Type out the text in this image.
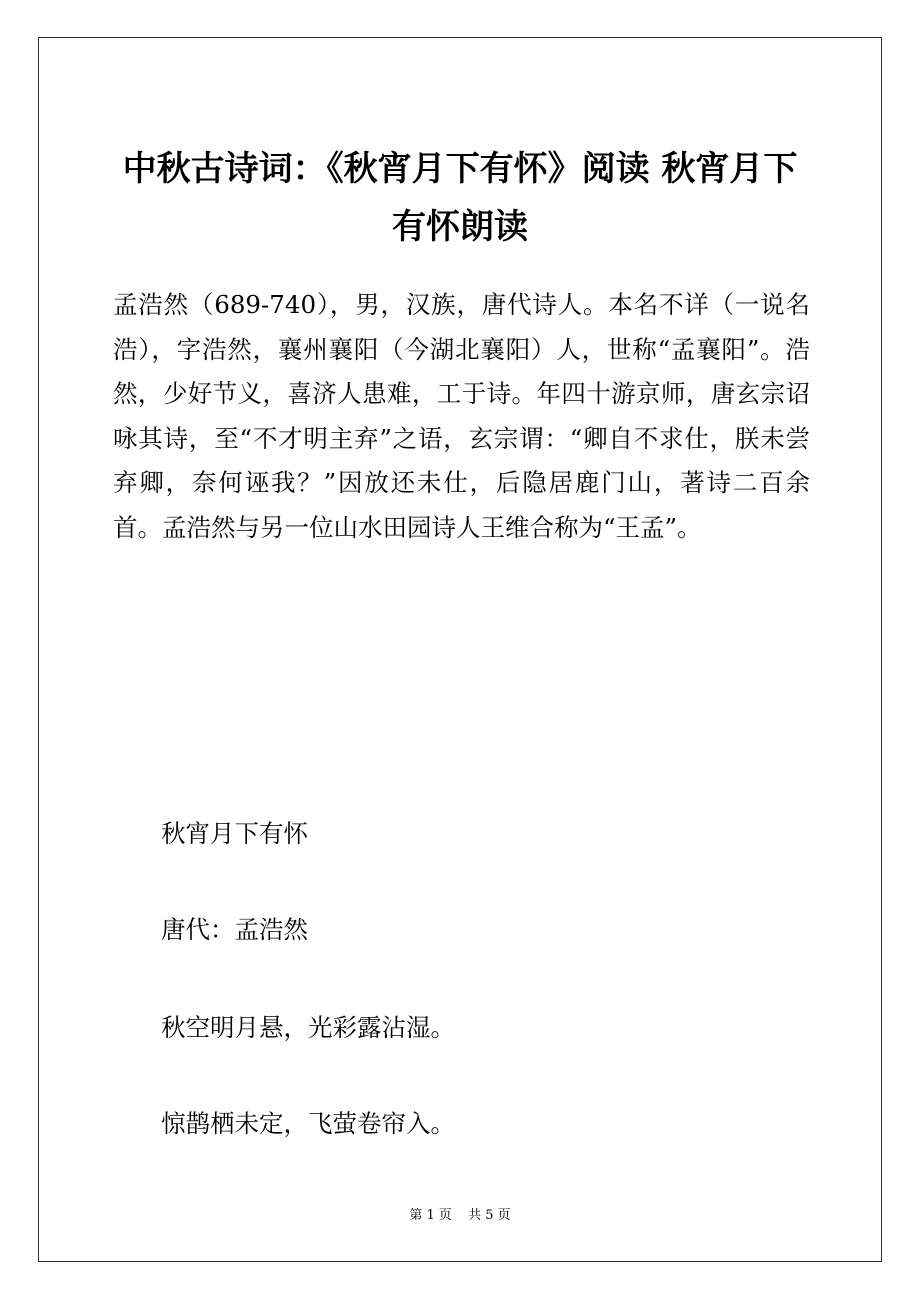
中秋古诗词：《秋宵月下有怀》阅读 秋宵月下
有怀朗读

孟浩然（689-740），男，汉族，唐代诗人。本名不详（一说名浩），字浩然，襄州襄阳（今湖北襄阳）人，世称“孟襄阳”。浩然，少好节义，喜济人患难，工于诗。年四十游京师，唐玄宗诏咏其诗，至“不才明主弃”之语，玄宗谓：“卿自不求仕，朕未尝弃卿，奈何诬我？”因放还未仕，后隐居鹿门山，著诗二百余首。孟浩然与另一位山水田园诗人王维合称为“王孟”。

秋宵月下有怀

唐代：孟浩然

秋空明月悬，光彩露沾湿。

惊鹊栖未定，飞萤卷帘入。

第 1 页 共 5 页
